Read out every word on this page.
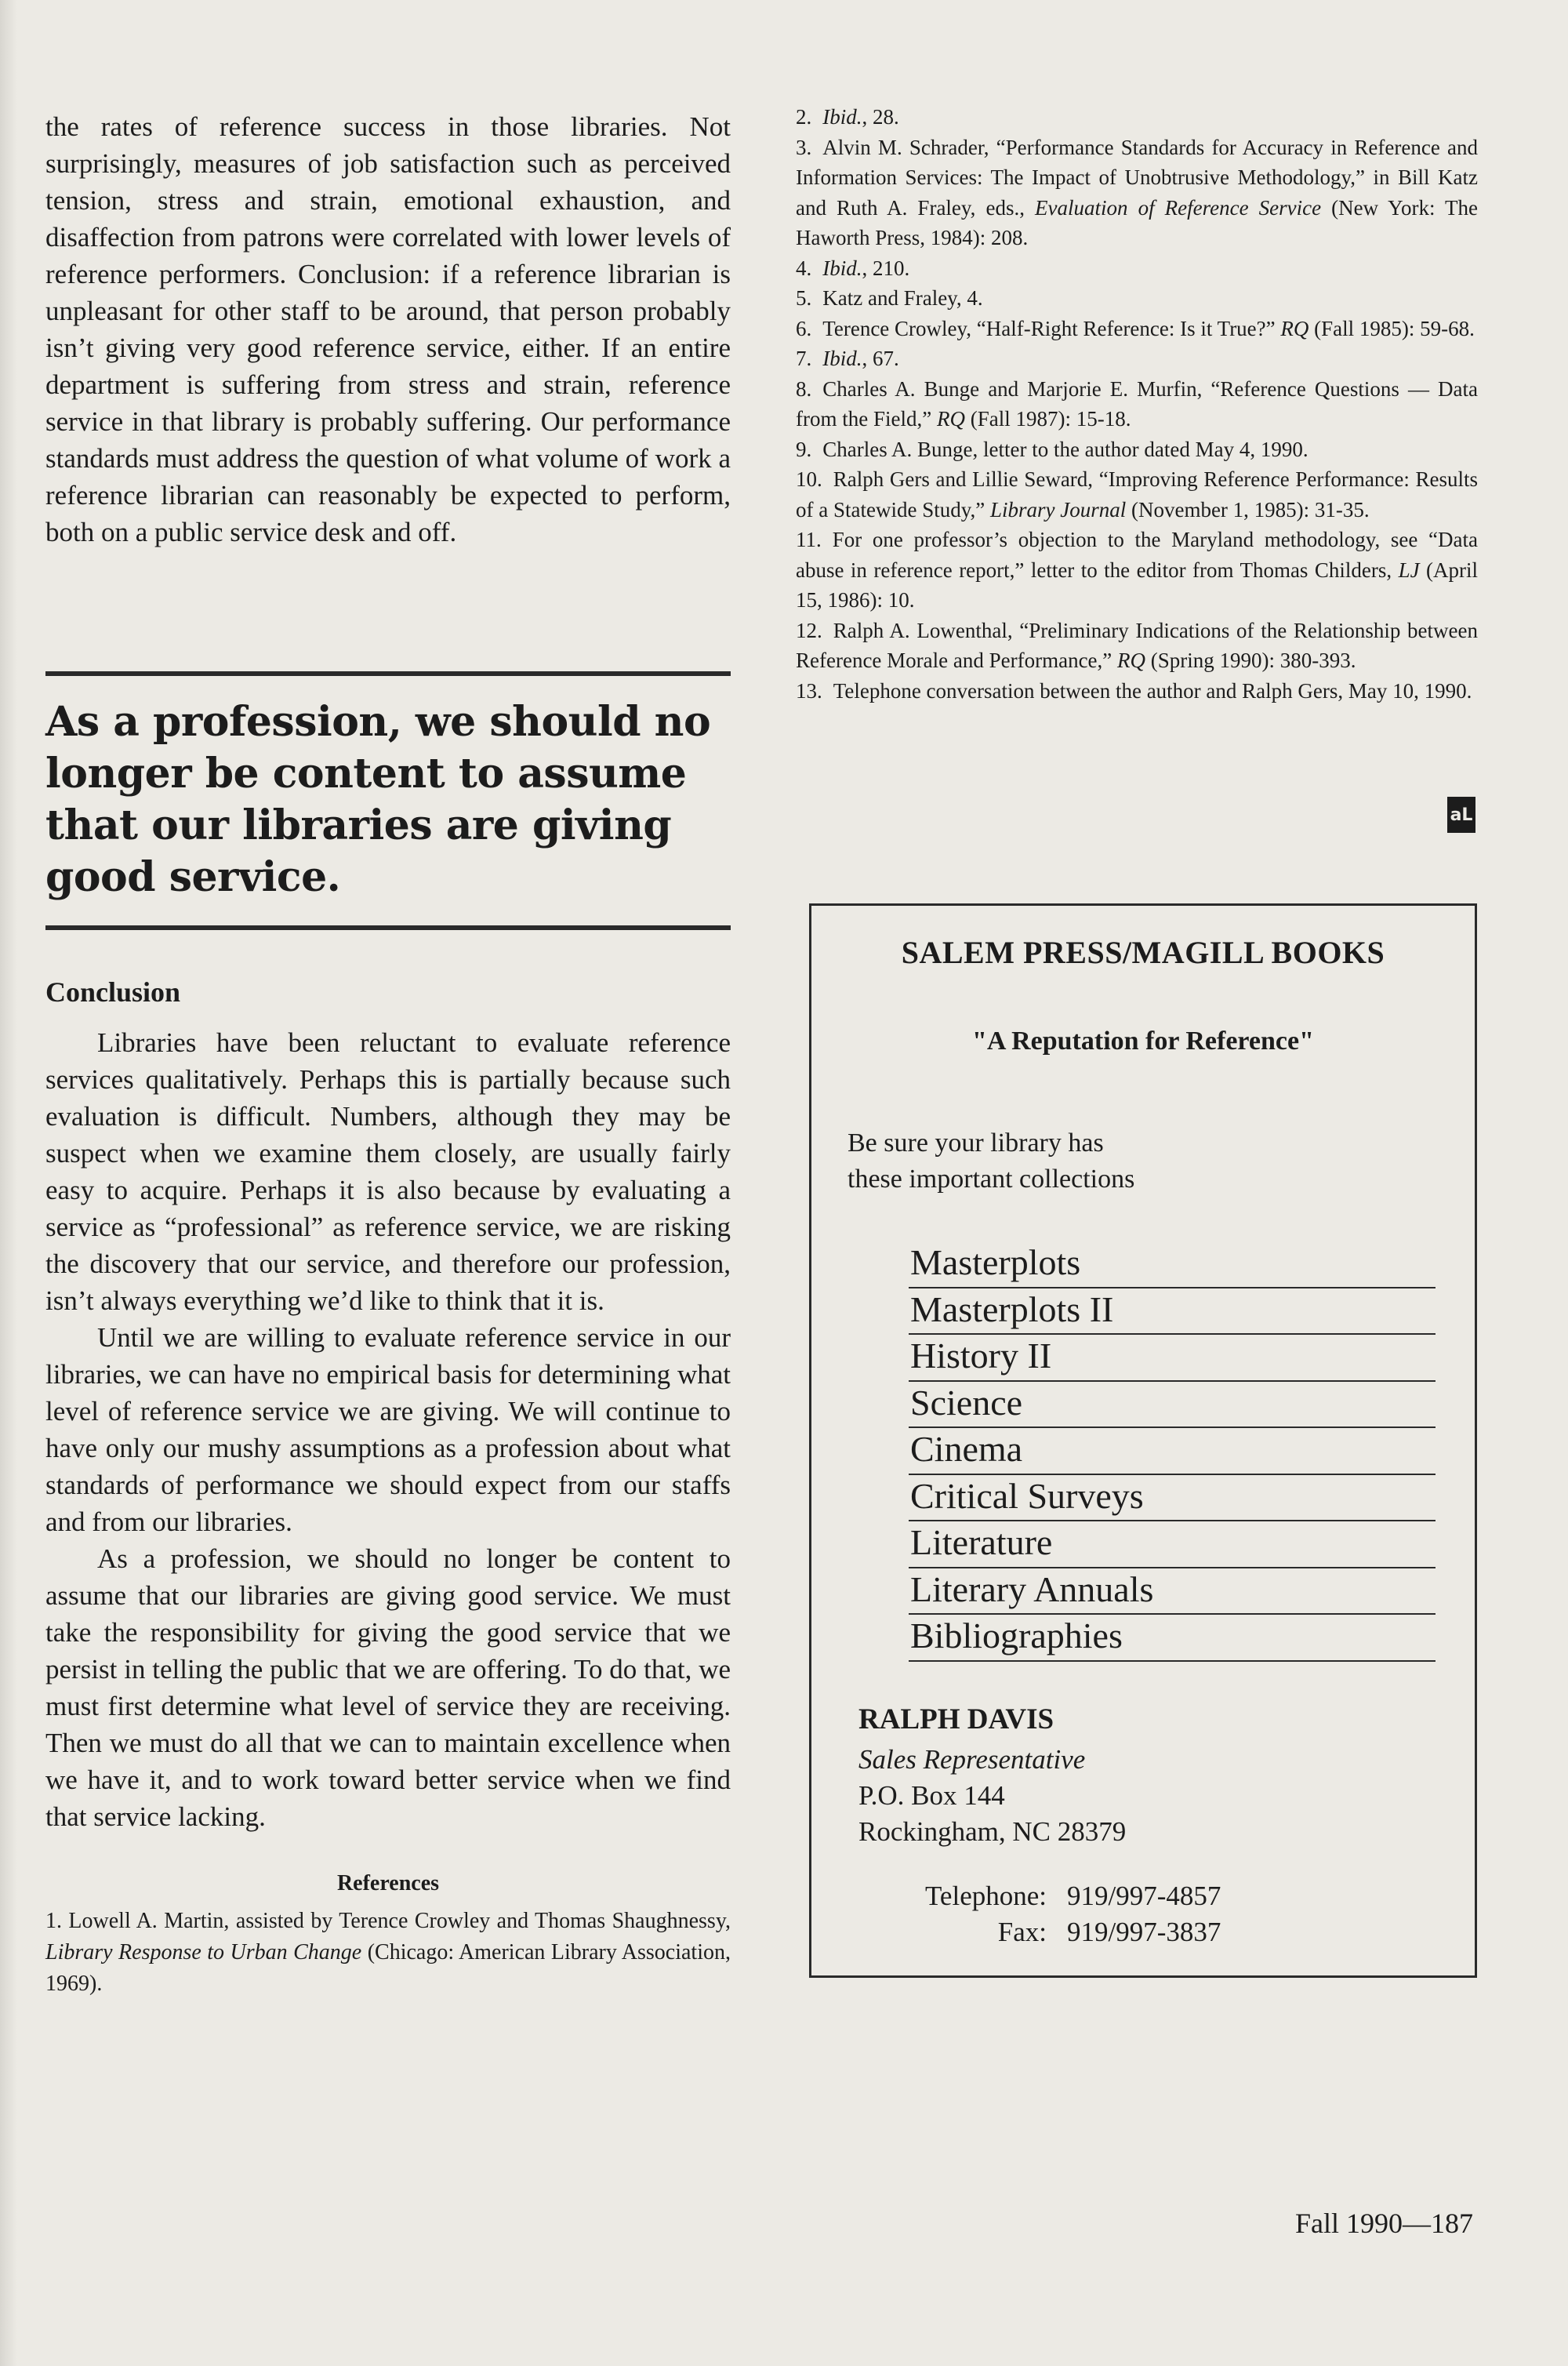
the rates of reference success in those libraries. Not surprisingly, measures of job satisfaction such as perceived tension, stress and strain, emotional exhaustion, and disaffection from patrons were correlated with lower levels of reference performers. Conclusion: if a reference librarian is unpleasant for other staff to be around, that person probably isn’t giving very good reference service, either. If an entire department is suffering from stress and strain, reference service in that library is probably suffering. Our performance standards must address the question of what volume of work a reference librarian can reasonably be expected to perform, both on a public service desk and off.

As a profession, we should no longer be content to assume that our libraries are giving good service.
Conclusion

Libraries have been reluctant to evaluate reference services qualitatively. Perhaps this is partially because such evaluation is difficult. Numbers, although they may be suspect when we examine them closely, are usually fairly easy to acquire. Perhaps it is also because by evaluating a service as “professional” as reference service, we are risking the discovery that our service, and therefore our profession, isn’t always everything we’d like to think that it is.

Until we are willing to evaluate reference service in our libraries, we can have no empirical basis for determining what level of reference service we are giving. We will continue to have only our mushy assumptions as a profession about what standards of performance we should expect from our staffs and from our libraries.

As a profession, we should no longer be content to assume that our libraries are giving good service. We must take the responsibility for giving the good service that we persist in telling the public that we are offering. To do that, we must first determine what level of service they are receiving. Then we must do all that we can to maintain excellence when we have it, and to work toward better service when we find that service lacking.

References

1. Lowell A. Martin, assisted by Terence Crowley and Thomas Shaughnessy, Library Response to Urban Change (Chicago: American Library Association, 1969).

2. Ibid., 28.

3. Alvin M. Schrader, “Performance Standards for Accuracy in Reference and Information Services: The Impact of Unobtrusive Methodology,” in Bill Katz and Ruth A. Fraley, eds., Evaluation of Reference Service (New York: The Haworth Press, 1984): 208.

4. Ibid., 210.

5. Katz and Fraley, 4.

6. Terence Crowley, “Half-Right Reference: Is it True?” RQ (Fall 1985): 59-68.

7. Ibid., 67.

8. Charles A. Bunge and Marjorie E. Murfin, “Reference Questions — Data from the Field,” RQ (Fall 1987): 15-18.

9. Charles A. Bunge, letter to the author dated May 4, 1990.

10. Ralph Gers and Lillie Seward, “Improving Reference Performance: Results of a Statewide Study,” Library Journal (November 1, 1985): 31-35.

11. For one professor’s objection to the Maryland methodology, see “Data abuse in reference report,” letter to the editor from Thomas Childers, LJ (April 15, 1986): 10.

12. Ralph A. Lowenthal, “Preliminary Indications of the Relationship between Reference Morale and Performance,” RQ (Spring 1990): 380-393.

13. Telephone conversation between the author and Ralph Gers, May 10, 1990.

aL
SALEM PRESS/MAGILL BOOKS
"A Reputation for Reference"
Be sure your library has
these important collections
Masterplots
Masterplots II
History II
Science
Cinema
Critical Surveys
Literature
Literary Annuals
Bibliographies
RALPH DAVIS
Sales Representative
P.O. Box 144
Rockingham, NC 28379
Telephone: 919/997-4857
Fax: 919/997-3837
Fall 1990—187
